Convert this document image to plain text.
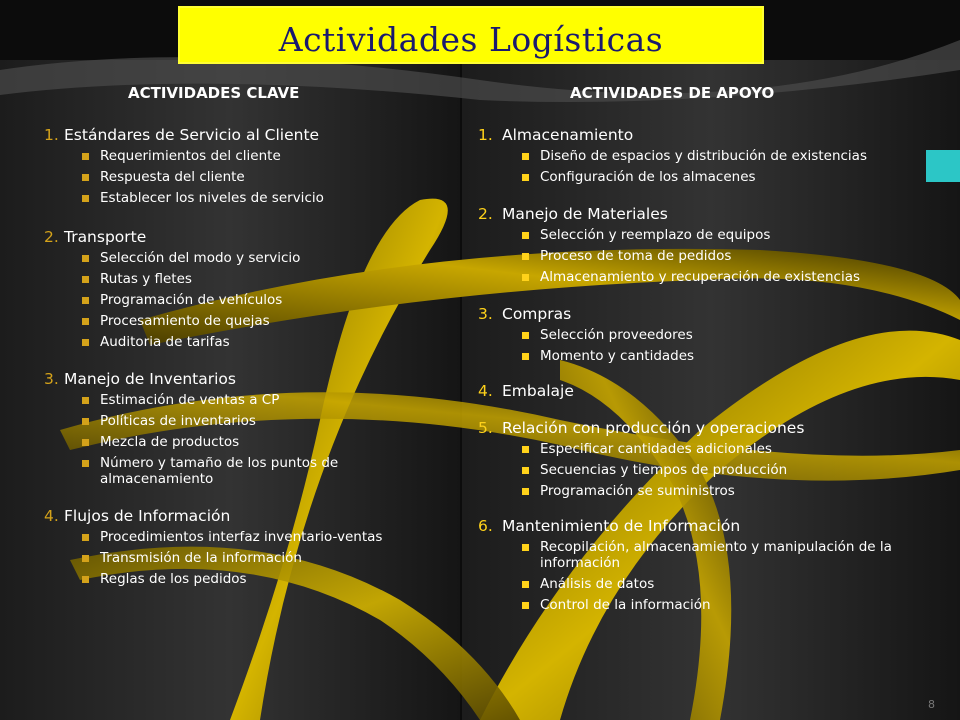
Actividades Logísticas
ACTIVIDADES CLAVE	ACTIVIDADES DE APOYO
1. Estándares de Servicio al Cliente
Requerimientos del cliente
Respuesta del cliente
Establecer los niveles de servicio
2. Transporte
Selección del modo y servicio
Rutas y fletes
Programación de vehículos
Procesamiento de quejas
Auditoria de tarifas
3. Manejo de Inventarios
Estimación de ventas a CP
Políticas de inventarios
Mezcla de productos
Número y tamaño de los puntos de almacenamiento
4. Flujos de Información
Procedimientos interfaz inventario-ventas
Transmisión de la información
Reglas de los pedidos
1. Almacenamiento
Diseño de espacios y distribución de existencias
Configuración de los almacenes
2. Manejo de Materiales
Selección y reemplazo de equipos
Proceso de toma de pedidos
Almacenamiento y recuperación de existencias
3. Compras
Selección proveedores
Momento y cantidades
4. Embalaje
5. Relación con producción y operaciones
Especificar cantidades adicionales
Secuencias y tiempos de producción
Programación se suministros
6. Mantenimiento de Información
Recopilación, almacenamiento y manipulación de la información
Análisis de datos
Control de la información
8
